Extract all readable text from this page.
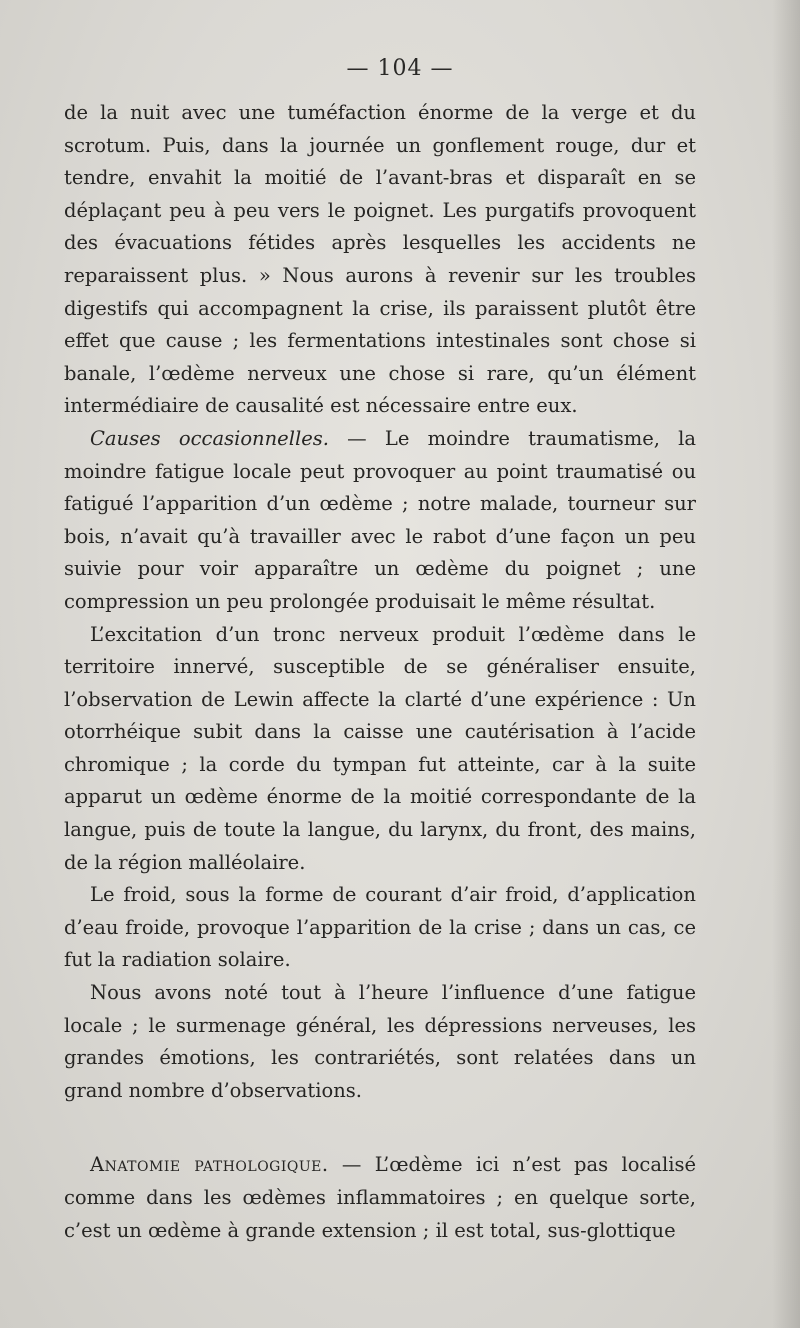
— 104 —

de la nuit avec une tuméfaction énorme de la verge et du scrotum. Puis, dans la journée un gonflement rouge, dur et tendre, envahit la moitié de l’avant-bras et disparaît en se déplaçant peu à peu vers le poignet. Les purgatifs provoquent des évacuations fétides après lesquelles les accidents ne reparaissent plus. » Nous aurons à revenir sur les troubles digestifs qui accompagnent la crise, ils paraissent plutôt être effet que cause ; les fermentations intestinales sont chose si banale, l’œdème nerveux une chose si rare, qu’un élément intermédiaire de causalité est nécessaire entre eux.

Causes occasionnelles. — Le moindre traumatisme, la moindre fatigue locale peut provoquer au point traumatisé ou fatigué l’apparition d’un œdème ; notre malade, tourneur sur bois, n’avait qu’à travailler avec le rabot d’une façon un peu suivie pour voir apparaître un œdème du poignet ; une compression un peu prolongée produisait le même résultat.

L’excitation d’un tronc nerveux produit l’œdème dans le territoire innervé, susceptible de se généraliser ensuite, l’observation de Lewin affecte la clarté d’une expérience : Un otorrhéique subit dans la caisse une cautérisation à l’acide chromique ; la corde du tympan fut atteinte, car à la suite apparut un œdème énorme de la moitié correspondante de la langue, puis de toute la langue, du larynx, du front, des mains, de la région malléolaire.

Le froid, sous la forme de courant d’air froid, d’application d’eau froide, provoque l’apparition de la crise ; dans un cas, ce fut la radiation solaire.

Nous avons noté tout à l’heure l’influence d’une fatigue locale ; le surmenage général, les dépressions nerveuses, les grandes émotions, les contrariétés, sont relatées dans un grand nombre d’observations.

Anatomie pathologique. — L’œdème ici n’est pas localisé comme dans les œdèmes inflammatoires ; en quelque sorte, c’est un œdème à grande extension ; il est total, sus-glottique
